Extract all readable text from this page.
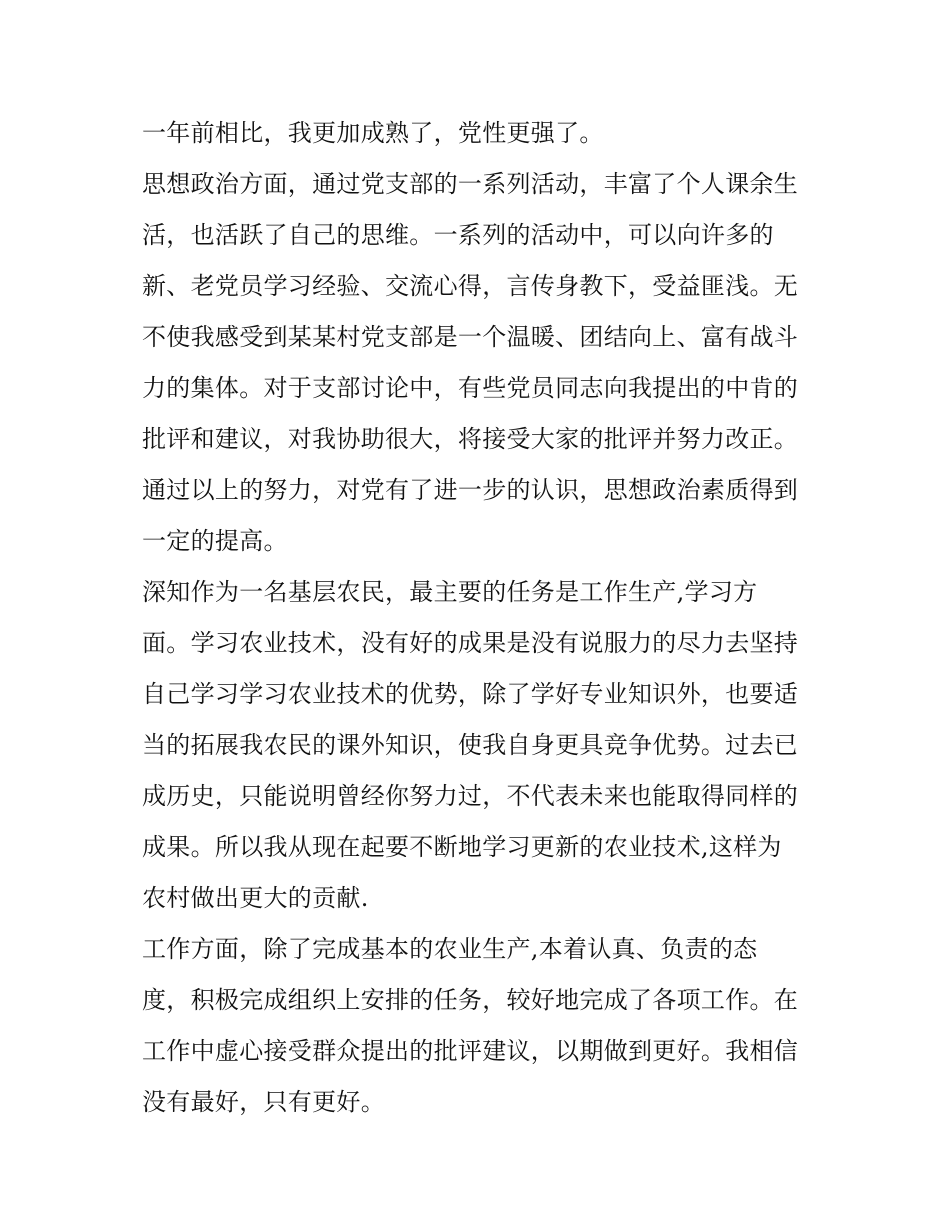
一年前相比，我更加成熟了，党性更强了。
思想政治方面，通过党支部的一系列活动，丰富了个人课余生
活，也活跃了自己的思维。一系列的活动中，可以向许多的
新、老党员学习经验、交流心得，言传身教下，受益匪浅。无
不使我感受到某某村党支部是一个温暖、团结向上、富有战斗
力的集体。对于支部讨论中，有些党员同志向我提出的中肯的
批评和建议，对我协助很大，将接受大家的批评并努力改正。
通过以上的努力，对党有了进一步的认识，思想政治素质得到
一定的提高。
深知作为一名基层农民，最主要的任务是工作生产,学习方
面。学习农业技术，没有好的成果是没有说服力的尽力去坚持
自己学习学习农业技术的优势，除了学好专业知识外，也要适
当的拓展我农民的课外知识，使我自身更具竞争优势。过去已
成历史，只能说明曾经你努力过，不代表未来也能取得同样的
成果。所以我从现在起要不断地学习更新的农业技术,这样为
农村做出更大的贡献.
工作方面，除了完成基本的农业生产,本着认真、负责的态
度，积极完成组织上安排的任务，较好地完成了各项工作。在
工作中虚心接受群众提出的批评建议，以期做到更好。我相信
没有最好，只有更好。
